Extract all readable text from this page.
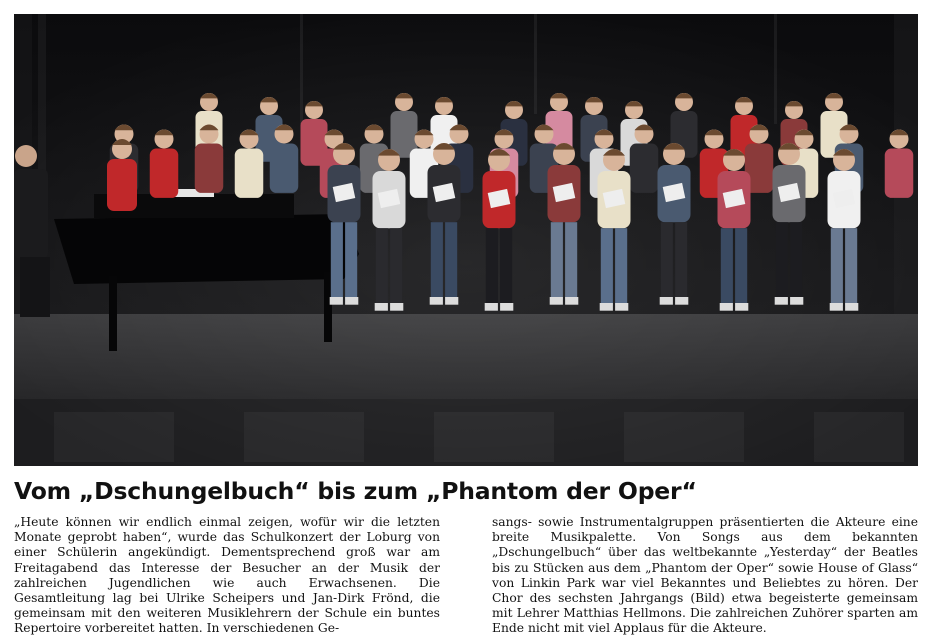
Vom „Dschungelbuch“ bis zum „Phantom der Oper“

„Heute können wir endlich einmal zeigen, wofür wir die letzten Monate geprobt haben“, wurde das Schulkonzert der Loburg von einer Schülerin angekündigt. Dementsprechend groß war am Freitagabend das Interesse der Besucher an der Musik der zahlreichen Jugendlichen wie auch Erwachsenen. Die Gesamtleitung lag bei Ulrike Scheipers und Jan-Dirk Frönd, die gemeinsam mit den weiteren Musiklehrern der Schule ein buntes Repertoire vorbereitet hatten. In verschiedenen Ge-

sangs- sowie Instrumentalgruppen präsentierten die Akteure eine breite Musikpalette. Von Songs aus dem bekannten „Dschungelbuch“ über das weltbekannte „Yesterday“ der Beatles bis zu Stücken aus dem „Phantom der Oper“ sowie House of Glass“ von Linkin Park war viel Bekanntes und Beliebtes zu hören. Der Chor des sechsten Jahrgangs (Bild) etwa begeisterte gemeinsam mit Lehrer Matthias Hellmons. Die zahlreichen Zuhörer sparten am Ende nicht mit viel Applaus für die Akteure.
